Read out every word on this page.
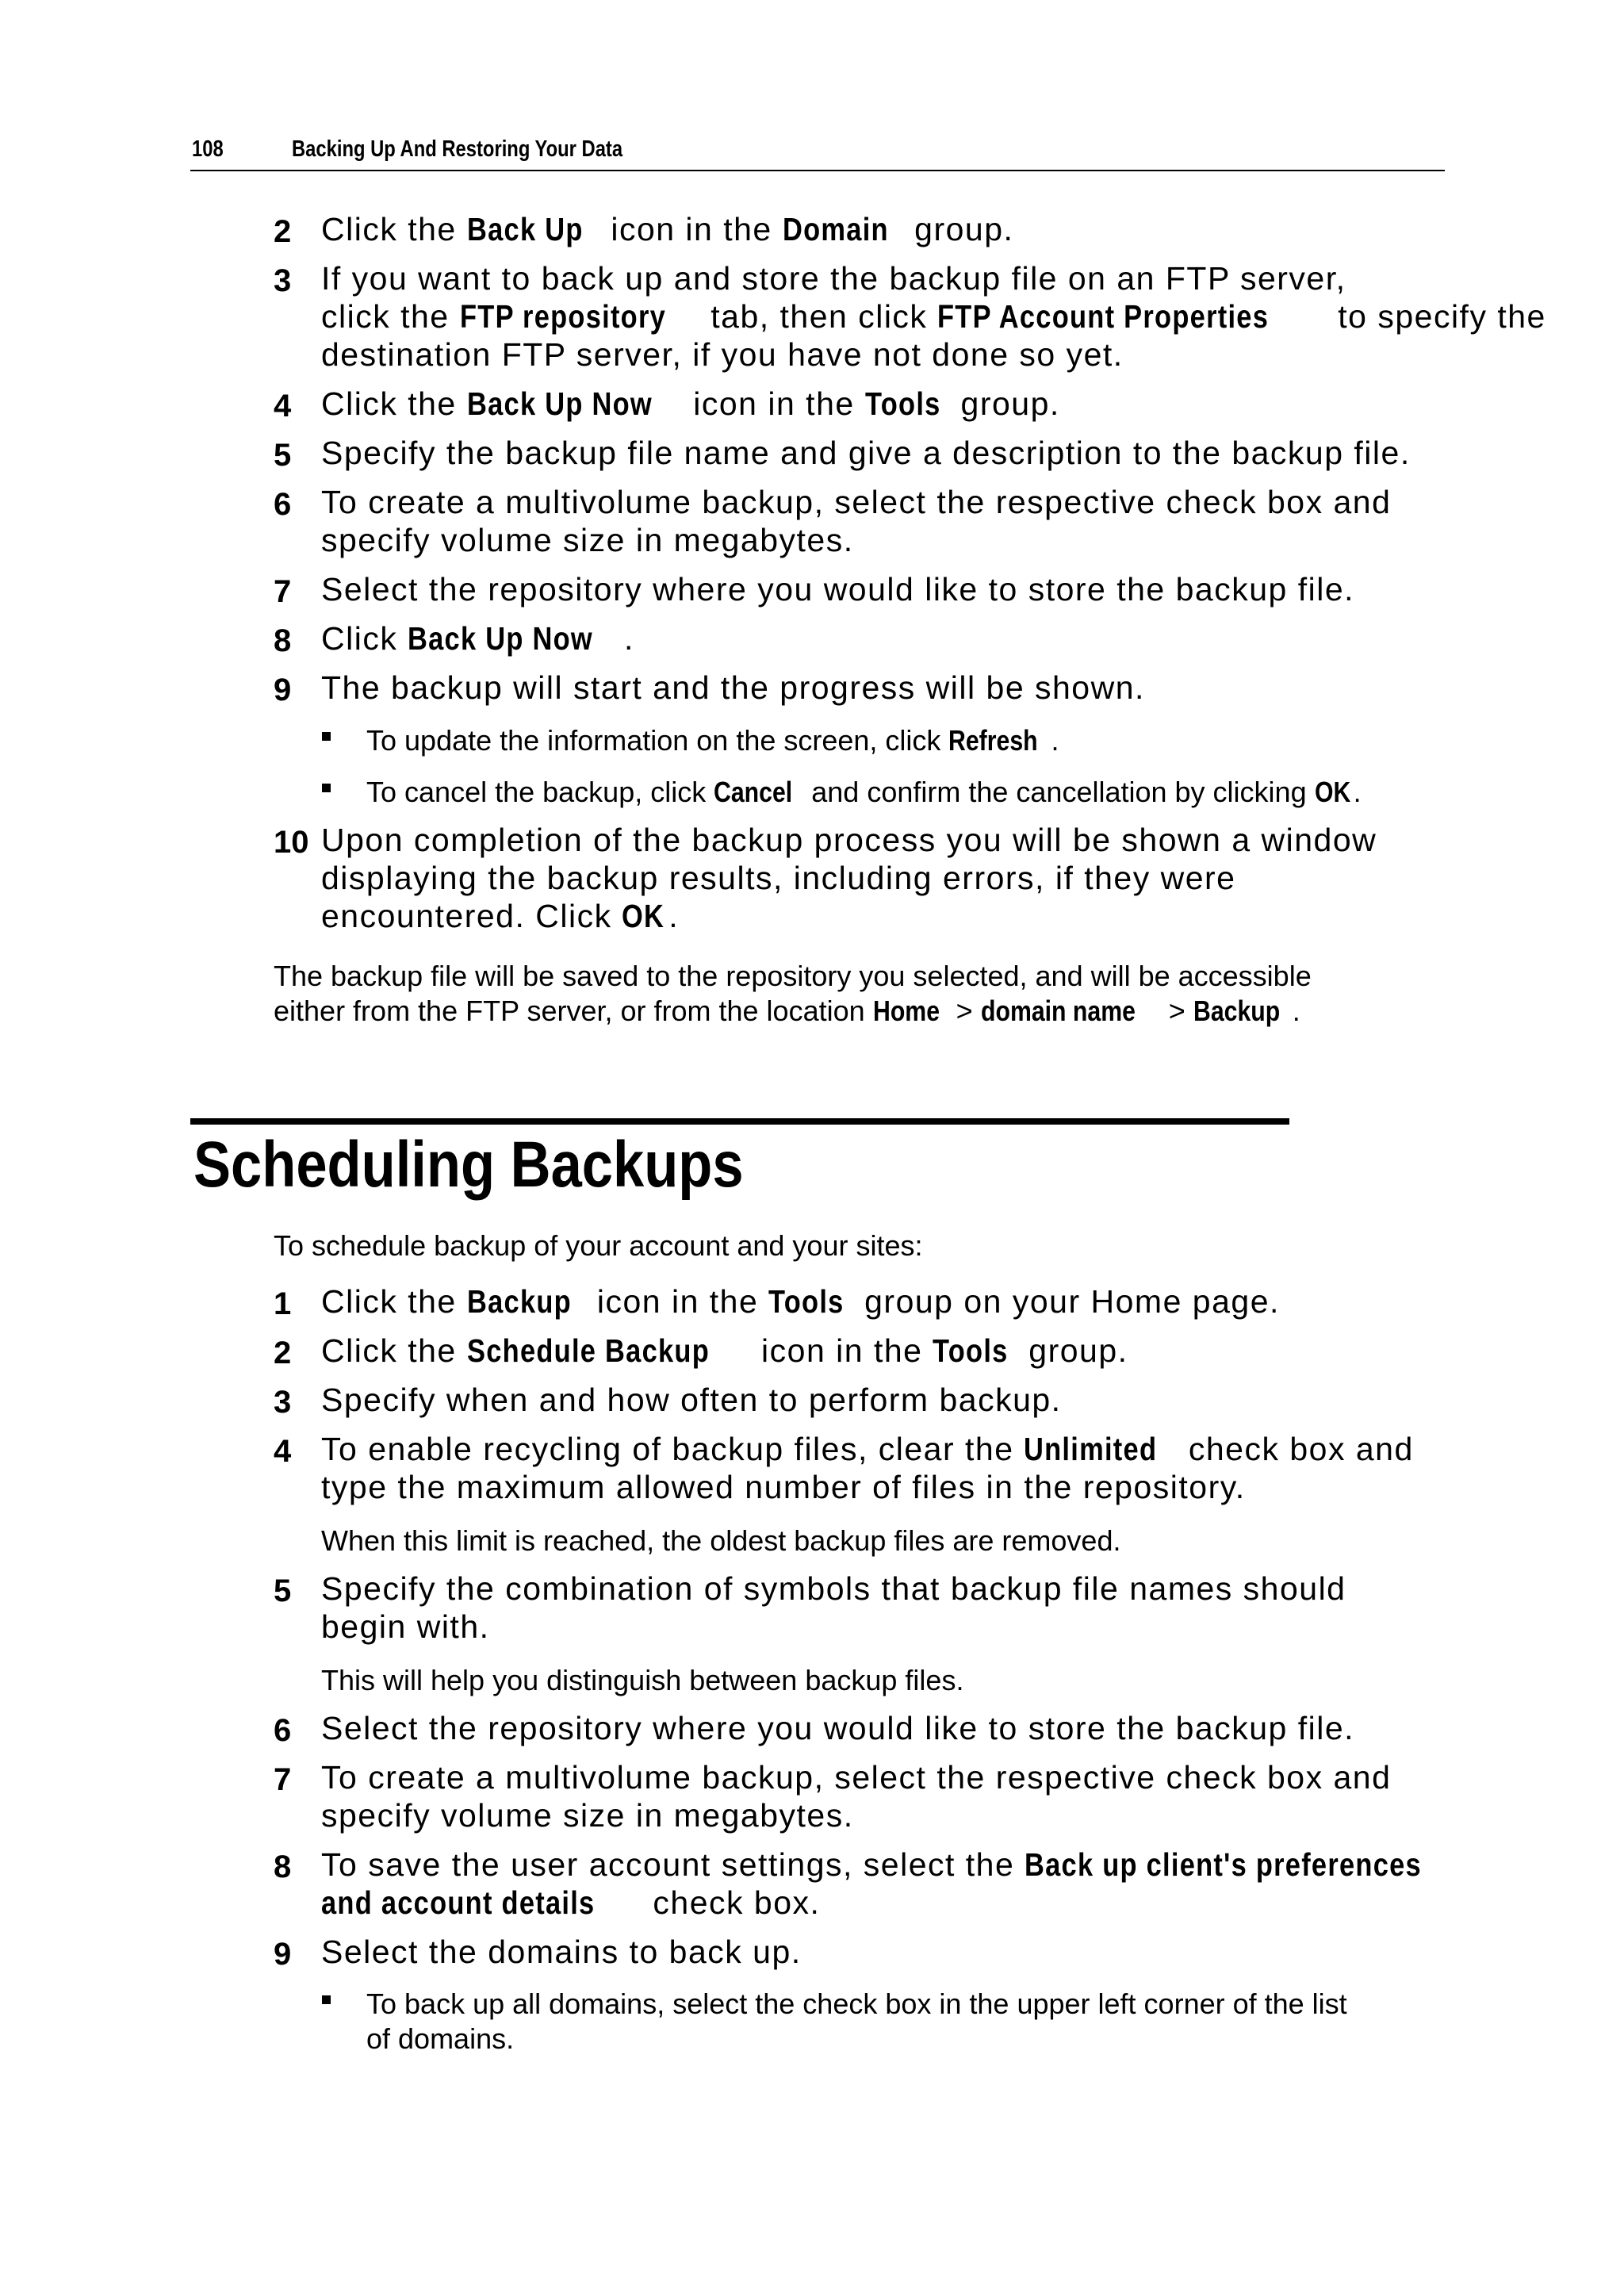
108	Backing Up And Restoring Your Data
2 Click the Back Up icon in the Domain group.
3 If you want to back up and store the backup file on an FTP server,
click the FTP repository tab, then click FTP Account Properties to specify the
destination FTP server, if you have not done so yet.
4 Click the Back Up Now icon in the Tools group.
5 Specify the backup file name and give a description to the backup file.
6 To create a multivolume backup, select the respective check box and
specify volume size in megabytes.
7 Select the repository where you would like to store the backup file.
8 Click Back Up Now .
9 The backup will start and the progress will be shown.
To update the information on the screen, click Refresh .
To cancel the backup, click Cancel and confirm the cancellation by clicking OK .
10 Upon completion of the backup process you will be shown a window
displaying the backup results, including errors, if they were
encountered. Click OK .
The backup file will be saved to the repository you selected, and will be accessible
either from the FTP server, or from the location Home > domain name > Backup .
To schedule backup of your account and your sites:
1 Click the Backup icon in the Tools group on your Home page.
2 Click the Schedule Backup icon in the Tools group.
3 Specify when and how often to perform backup.
4 To enable recycling of backup files, clear the Unlimited check box and
type the maximum allowed number of files in the repository.
When this limit is reached, the oldest backup files are removed.
5 Specify the combination of symbols that backup file names should
begin with.
This will help you distinguish between backup files.
6 Select the repository where you would like to store the backup file.
7 To create a multivolume backup, select the respective check box and
specify volume size in megabytes.
8 To save the user account settings, select the Back up client's preferences
and account details check box.
9 Select the domains to back up.
To back up all domains, select the check box in the upper left corner of the list
of domains.
Scheduling Backups
